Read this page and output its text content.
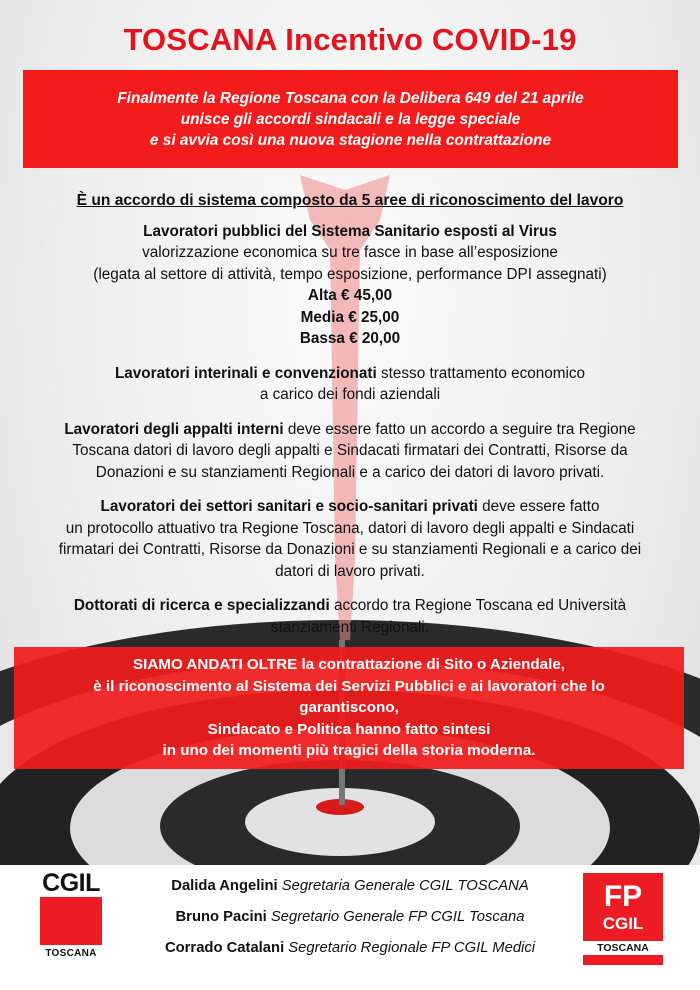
TOSCANA Incentivo COVID-19
Finalmente la Regione Toscana con la Delibera 649 del 21 aprile
unisce gli accordi sindacali e la legge speciale
e si avvia così una nuova stagione nella contrattazione
È un accordo di sistema composto da 5 aree di riconoscimento del lavoro
Lavoratori pubblici del Sistema Sanitario esposti al Virus
valorizzazione economica su tre fasce in base all’esposizione
(legata al settore di attività, tempo esposizione, performance DPI assegnati)
Alta € 45,00
Media € 25,00
Bassa € 20,00
Lavoratori interinali e convenzionati stesso trattamento economico
a carico dei fondi aziendali
Lavoratori degli appalti interni deve essere fatto un accordo a seguire tra Regione
Toscana datori di lavoro degli appalti e Sindacati firmatari dei Contratti, Risorse da
Donazioni e su stanziamenti Regionali e a carico dei datori di lavoro privati.
Lavoratori dei settori sanitari e socio-sanitari privati deve essere fatto
un protocollo attuativo tra Regione Toscana, datori di lavoro degli appalti e Sindacati
firmatari dei Contratti, Risorse da Donazioni e su stanziamenti Regionali e a carico dei
datori di lavoro privati.
Dottorati di ricerca e specializzandi accordo tra Regione Toscana ed Università
stanziamenti Regionali.
SIAMO ANDATI OLTRE la contrattazione di Sito o Aziendale,
è il riconoscimento al Sistema dei Servizi Pubblici e ai lavoratori che lo
garantiscono,
Sindacato e Politica hanno fatto sintesi
in uno dei momenti più tragici della storia moderna.
CGIL
TOSCANA
Dalida Angelini Segretaria Generale CGIL TOSCANA
Bruno Pacini Segretario Generale FP CGIL Toscana
Corrado Catalani Segretario Regionale FP CGIL Medici
FP
CGIL
TOSCANA
